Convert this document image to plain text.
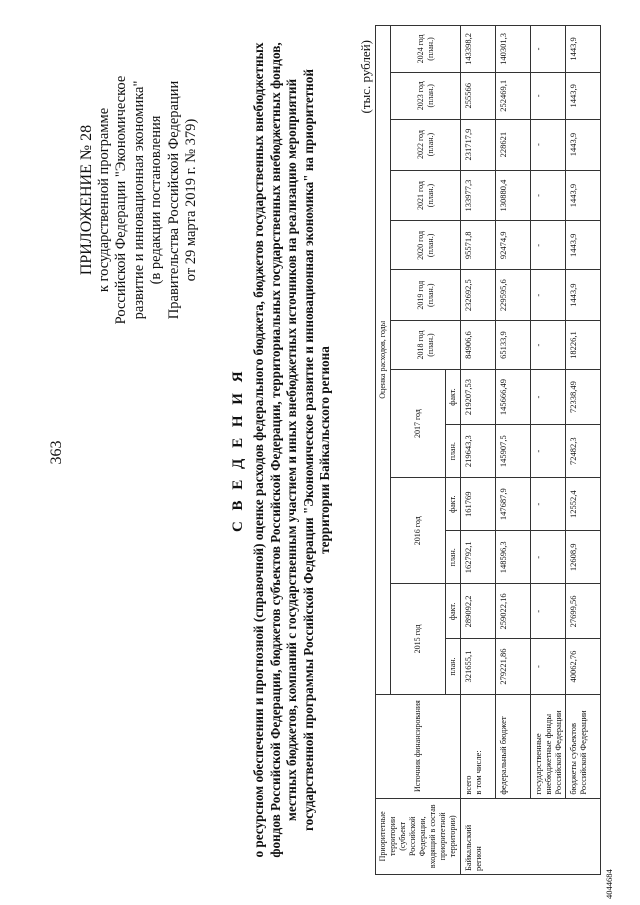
363
ПРИЛОЖЕНИЕ № 28 к государственной программе Российской Федерации "Экономическое развитие и инновационная экономика" (в редакции постановления Правительства Российской Федерации от 29 марта 2019 г. № 379)
С В Е Д Е Н И Я о ресурсном обеспечении и прогнозной (справочной) оценке расходов федерального бюджета, бюджетов государственных внебюджетных фондов Российской Федерации, бюджетов субъектов Российской Федерации, территориальных государственных внебюджетных фондов, местных бюджетов, компаний с государственным участием и иных внебюджетных источников на реализацию мероприятий государственной программы Российской Федерации "Экономическое развитие и инновационная экономика" на приоритетной территории Байкальского региона
(тыс. рублей)
Приоритетные территории (субъект Российской Федерации, входящий в состав приоритетной территории)	Источник финансирования	Оценка расходов, годы												
		2015 год		2016 год		2017 год		2018 год (план.)	2019 год (план.)	2020 год (план.)	2021 год (план.)	2022 год (план.)	2023 год (план.)	2024 год (план.)
		план.	факт.	план.	факт.	план.	факт.							
Байкальский регион	всего в том числе:	321655,1	289092,2	162792,1	161769	219643,3	219207,53	84906,6	232692,5	95571,8	133977,3	231717,9	255566	143398,2
	федеральный бюджет	279221,86	259022,16	148596,3	147687,9	145907,5	145666,49	65133,9	229595,6	92474,9	130880,4	228621	252469,1	140301,3
	государственные внебюджетные фонды Российской Федерации	-	-	-	-	-	-	-	-	-	-	-	-	-
	бюджеты субъектов Российской Федерации	40062,76	27699,56	12608,9	12552,4	72482,3	72338,49	18226,1	1443,9	1443,9	1443,9	1443,9	1443,9	1443,9
4044684
